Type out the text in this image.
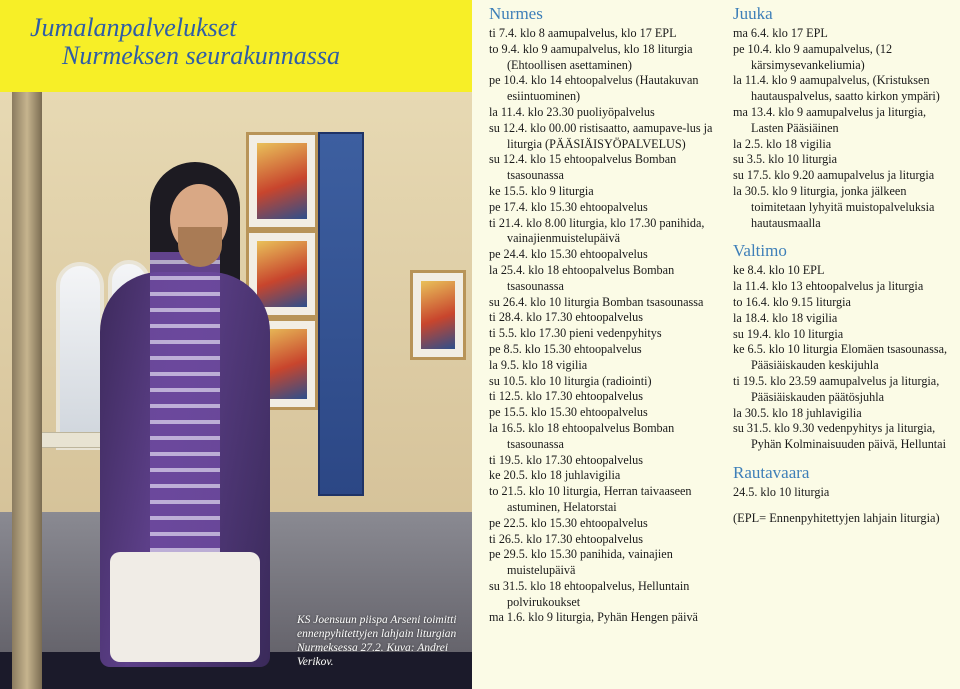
Jumalanpalvelukset
Nurmeksen seurakunnassa
KS Joensuun piispa Arseni toimitti ennenpyhitettyjen lahjain liturgian Nurmeksessa 27.2. Kuva: Andrei Verikov.
Nurmes
ti 7.4. klo 8 aamupalvelus, klo 17 EPL
to 9.4. klo 9 aamupalvelus, klo 18 liturgia (Ehtoollisen asettaminen)
pe 10.4. klo 14 ehtoopalvelus (Hautakuvan esiintuominen)
la 11.4. klo 23.30 puoliyöpalvelus
su 12.4. klo 00.00 ristisaatto, aamupave-lus ja liturgia (PÄÄSIÄISYÖPALVELUS)
su 12.4. klo 15 ehtoopalvelus Bomban tsasounassa
ke 15.5. klo 9 liturgia
pe 17.4. klo 15.30 ehtoopalvelus
ti 21.4. klo 8.00 liturgia, klo 17.30 panihida, vainajienmuistelupäivä
pe 24.4. klo 15.30 ehtoopalvelus
la 25.4. klo 18 ehtoopalvelus Bomban tsasounassa
su 26.4. klo 10 liturgia Bomban tsasounassa
ti 28.4. klo 17.30 ehtoopalvelus
ti 5.5. klo 17.30 pieni vedenpyhitys
pe 8.5. klo 15.30 ehtoopalvelus
la 9.5. klo 18 vigilia
su 10.5. klo 10 liturgia (radiointi)
ti 12.5. klo 17.30 ehtoopalvelus
pe 15.5. klo 15.30 ehtoopalvelus
la 16.5. klo 18 ehtoopalvelus Bomban tsasounassa
ti 19.5. klo 17.30 ehtoopalvelus
ke 20.5. klo 18 juhlavigilia
to 21.5. klo 10 liturgia, Herran taivaaseen astuminen, Helatorstai
pe 22.5. klo 15.30 ehtoopalvelus
ti 26.5. klo 17.30 ehtoopalvelus
pe 29.5. klo 15.30 panihida, vainajien muistelupäivä
su 31.5. klo 18 ehtoopalvelus, Helluntain polvirukoukset
ma 1.6. klo 9 liturgia, Pyhän Hengen päivä
Juuka
ma 6.4. klo 17 EPL
pe 10.4. klo 9 aamupalvelus, (12 kärsimysevankeliumia)
la 11.4. klo 9 aamupalvelus, (Kristuksen hautauspalvelus, saatto kirkon ympäri)
ma 13.4. klo 9 aamupalvelus ja liturgia, Lasten Pääsiäinen
la 2.5. klo 18 vigilia
su 3.5. klo 10 liturgia
su 17.5. klo 9.20 aamupalvelus ja liturgia
la 30.5. klo 9 liturgia, jonka jälkeen toimitetaan lyhyitä muistopalveluksia hautausmaalla
Valtimo
ke 8.4. klo 10 EPL
la 11.4. klo 13 ehtoopalvelus ja liturgia
to 16.4. klo 9.15 liturgia
la 18.4. klo 18 vigilia
su 19.4. klo 10 liturgia
ke 6.5. klo 10 liturgia Elomäen tsasounassa, Pääsiäiskauden keskijuhla
ti 19.5. klo 23.59 aamupalvelus ja liturgia, Pääsiäiskauden päätösjuhla
la 30.5. klo 18 juhlavigilia
su 31.5. klo 9.30 vedenpyhitys ja liturgia, Pyhän Kolminaisuuden päivä, Helluntai
Rautavaara
24.5. klo 10 liturgia
(EPL= Ennenpyhitettyjen lahjain liturgia)
